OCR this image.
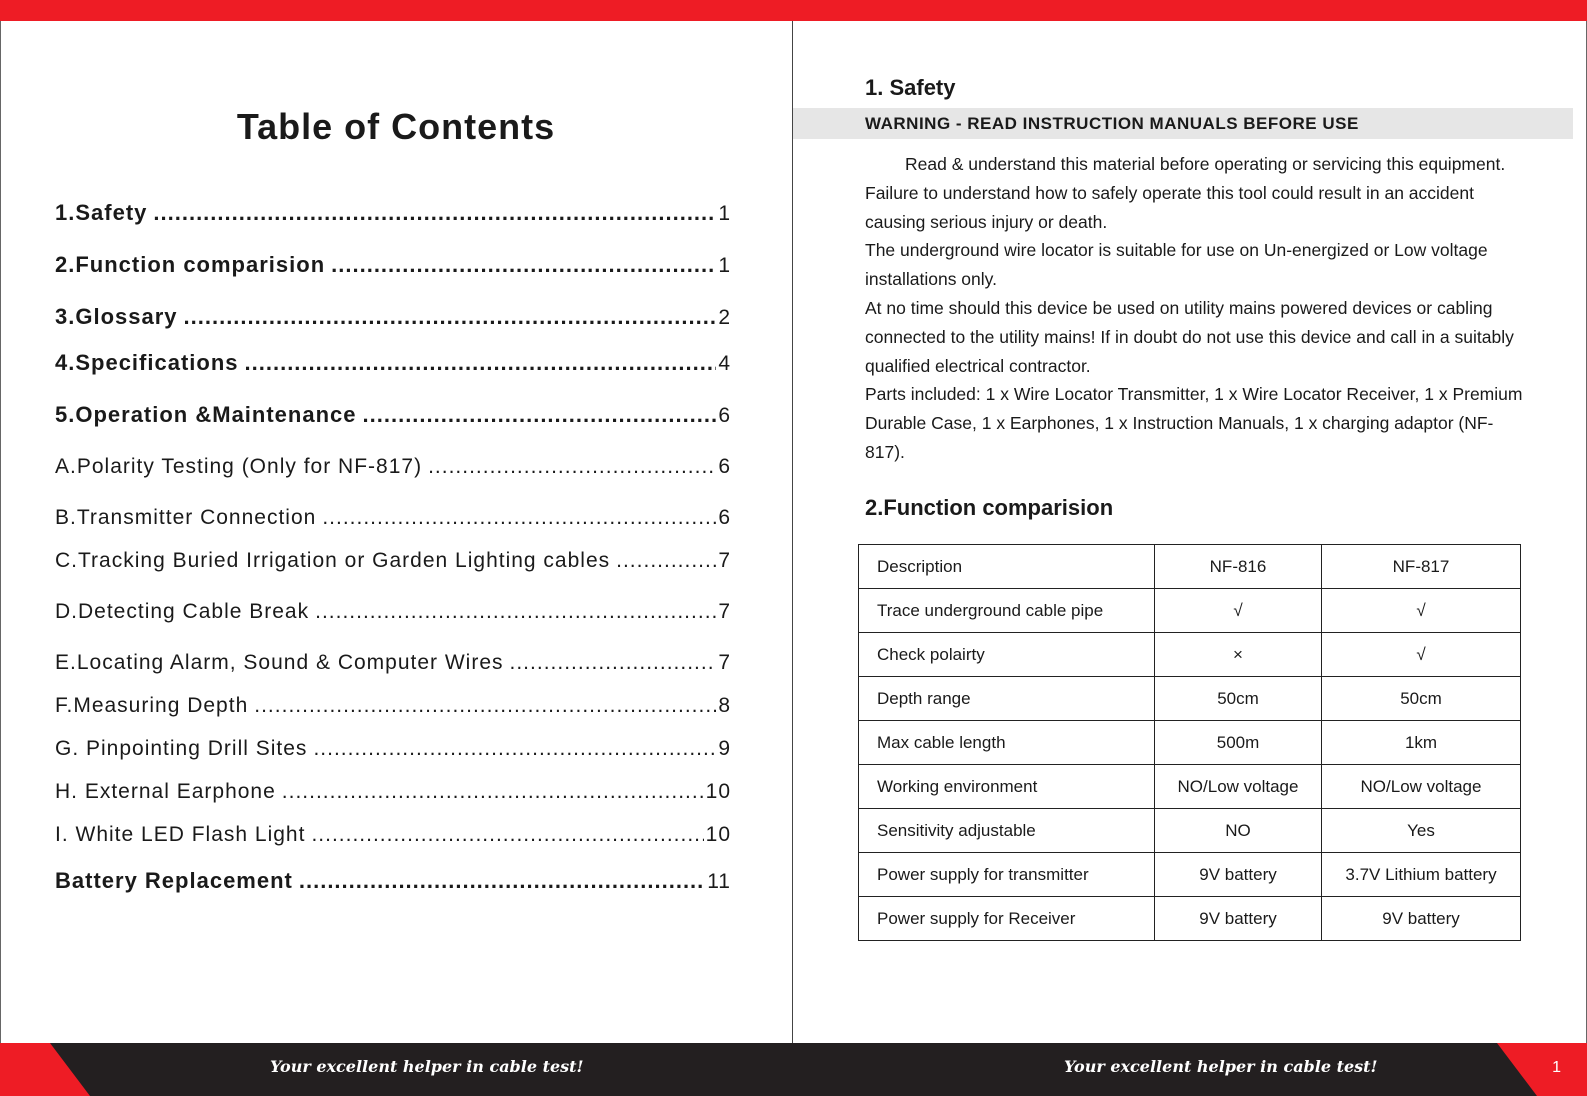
Table of Contents
1.Safety .....	1
2.Function comparision .....	1
3.Glossary .....	2
4.Specifications .....	4
5.Operation &Maintenance .....	6
A.Polarity Testing (Only for NF-817) .....	6
B.Transmitter Connection .....	6
C.Tracking Buried Irrigation or Garden Lighting cables .....	7
D.Detecting Cable Break .....	7
E.Locating Alarm, Sound & Computer Wires .....	7
F.Measuring Depth .....	8
G. Pinpointing Drill Sites .....	9
H. External Earphone .....	10
I. White LED Flash Light .....	10
Battery Replacement .....	11
1. Safety
WARNING - READ INSTRUCTION MANUALS BEFORE USE

Read & understand this material before operating or servicing this equipment. Failure to understand how to safely operate this tool could result in an accident causing serious injury or death.

The underground wire locator is suitable for use on Un-energized or Low voltage installations only.

At no time should this device be used on utility mains powered devices or cabling connected to the utility mains! If in doubt do not use this device and call in a suitably qualified electrical contractor.

Parts included: 1 x Wire Locator Transmitter, 1 x Wire Locator Receiver, 1 x Premium Durable Case, 1 x Earphones, 1 x Instruction Manuals, 1 x charging adaptor (NF-817).

2.Function comparision
Description	NF-816	NF-817
Trace underground cable pipe	√	√
Check polairty	×	√
Depth range	50cm	50cm
Max cable length	500m	1km
Working environment	NO/Low voltage	NO/Low voltage
Sensitivity adjustable	NO	Yes
Power supply for transmitter	9V battery	3.7V Lithium battery
Power supply for Receiver	9V battery	9V battery
Your excellent helper in cable test!	Your excellent helper in cable test!	1
